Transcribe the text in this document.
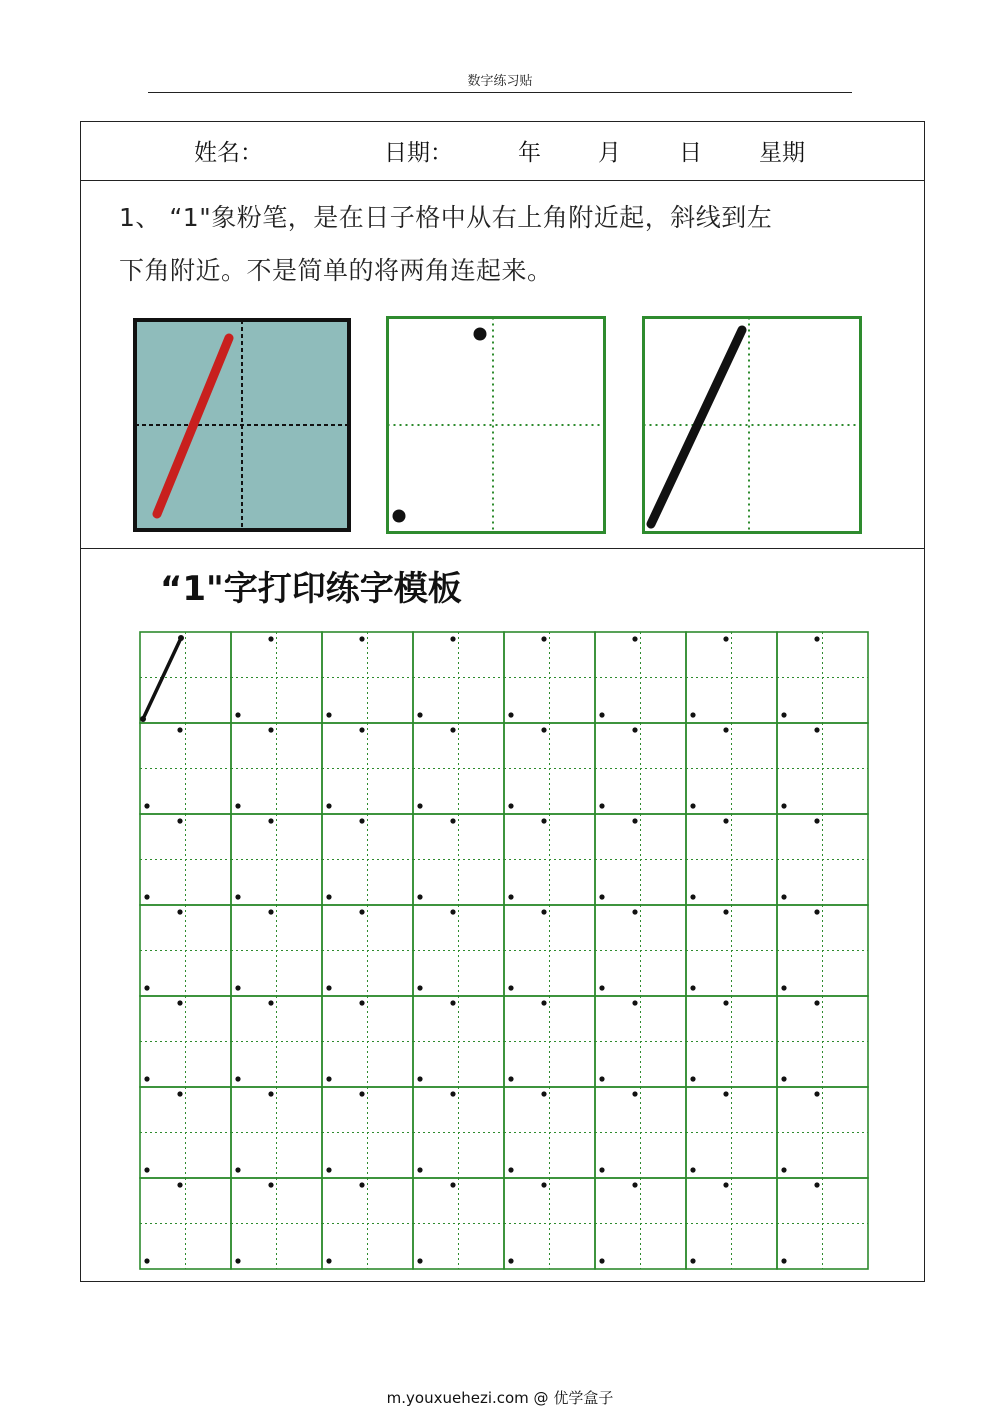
数字练习贴
姓名：	日期：	年 月	日 星期
1、 “1"象粉笔，是在日子格中从右上角附近起，斜线到左
下角附近。不是简单的将两角连起来。
“1"字打印练字模板
m.youxuehezi.com @ 优学盒子
